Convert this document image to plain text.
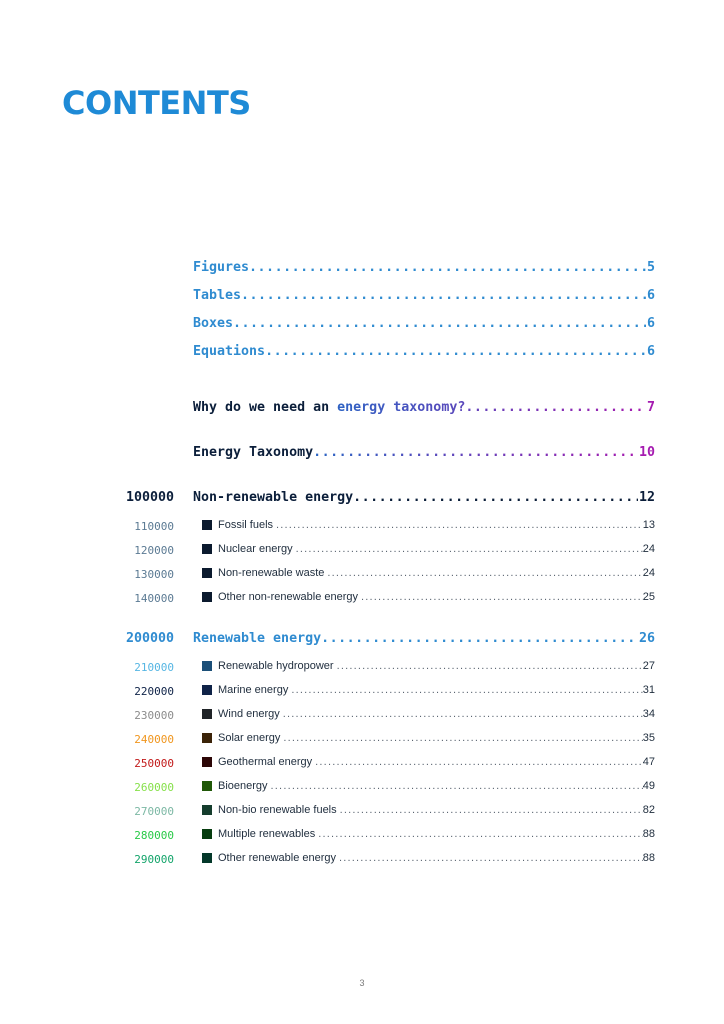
CONTENTS
Figures .....	5
Tables .....	6
Boxes .....	6
Equations .....	6
Why do we need an energy taxonomy? .....	7
Energy Taxonomy .....	10
100000 Non-renewable energy .....	12
110000	Fossil fuels .....	13
120000	Nuclear energy .....	24
130000	Non-renewable waste .....	24
140000	Other non-renewable energy .....	25
200000 Renewable energy .....	26
210000	Renewable hydropower .....	27
220000	Marine energy .....	31
230000	Wind energy .....	34
240000	Solar energy .....	35
250000	Geothermal energy .....	47
260000	Bioenergy .....	49
270000	Non-bio renewable fuels .....	82
280000	Multiple renewables .....	88
290000	Other renewable energy .....	88
3
